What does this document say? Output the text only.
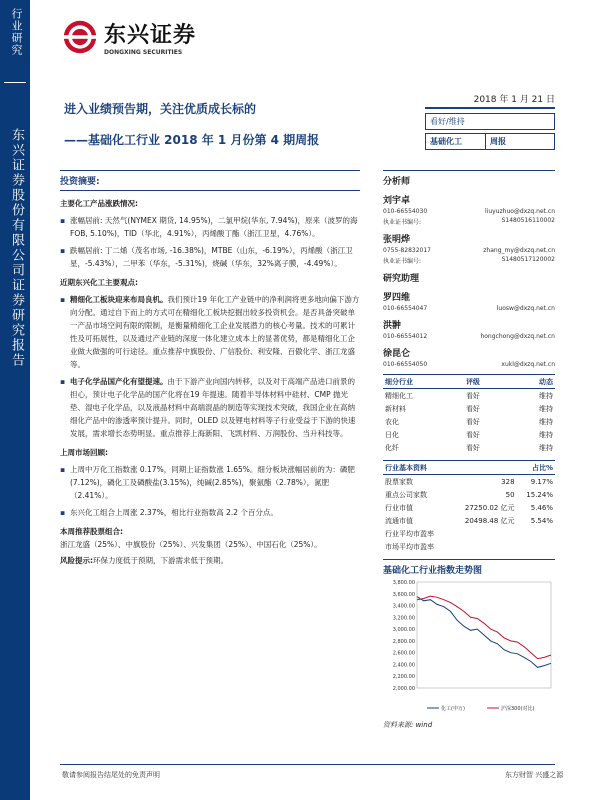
行业研究
东兴证券股份有限公司证券研究报告
东兴证券
DONGXING SECURITIES
进入业绩预告期，关注优质成长标的
——基础化工行业 2018 年 1 月份第 4 期周报
2018 年 1 月 21 日
看好/维持
基础化工	周报
投资摘要:

主要化工产品涨跌情况:

▪ 涨幅居前: 天然气(NYMEX 期货, 14.95%)，二氯甲烷(华东, 7.94%)，原来（波罗的海FOB, 5.10%)，TID（华北，4.91%），丙烯酸丁酯（浙江卫星，4.76%）。

▪ 跌幅居前: 丁二烯（茂名市场, -16.38%)，MTBE（山东，-6.19%），丙烯酸（浙江卫星，-5.43%），二甲苯（华东，-5.31%)，烧碱（华东，32%离子膜，-4.49%）。

近期东兴化工主要观点:

▪ 精细化工板块迎来布局良机。我们预计19 年化工产业链中的净利润将更多地向偏下游方向分配。通过自下而上的方式可在精细化工板块挖掘出较多投资机会。是否具备突破单一产品市场空间有限的限制，是衡量精细化工企业发展潜力的核心考量。技术的可累计性及可拓展性，以及通过产业链的深度一体化建立成本上的显著优势，都是精细化工企业做大做强的可行途径。重点推荐中旗股份、广信股份、利安隆、百傲化学、浙江龙盛等。

▪ 电子化学品国产化有望提速。由于下游产业向国内转移，以及对于高端产品进口前景的担心，预计电子化学品的国产化将在19 年提速。随着半导体材料中硅材、CMP 抛光垫、湿电子化学品，以及液晶材料中高端混晶的制造等实现技术突破，我国企业在高纳细化产品中的渗透率预计提升。同时，OLED 以及锂电材料等子行业受益于下游的快速发展，需求增长态势明显。重点推荐上海新阳、飞凯材料、万润股份、当升科技等。

上周市场回顾:

▪ 上周中万化工指数涨 0.17%，同期上证指数涨 1.65%。细分板块涨幅居前的为：磷肥(7.12%)，磷化工及磷酸盐(3.15%)，纯碱(2.85%)，聚氨酯（2.78%），氮肥（2.41%）。

▪ 东兴化工组合上周涨 2.37%，相比行业指数高 2.2 个百分点。

本周推荐股票组合:

浙江龙盛（25%）、中旗股份（25%）、兴发集团（25%）、中国石化（25%）。

风险提示:环保力度低于预期，下游需求低于预期。

分析师
刘宇卓
010-66554030	liuyuzhuo@dxzq.net.cn
执业证书编号:	S1480516110002
张明烨
0755-82832017	zhang_my@dxzq.net.cn
执业证书编号:	S1480517120002
研究助理
罗四维
010-66554047	luosw@dxzq.net.cn
洪翀
010-66554012	hongchong@dxzq.net.cn
徐昆仑
010-66554050	xukl@dxzq.net.cn
细分行业	评级	动态
精细化工	看好	维持
新材料	看好	维持
农化	看好	维持
日化	看好	维持
化纤	看好	维持
行业基本资料		占比%
股票家数	328	9.17%
重点公司家数	50	15.24%
行业市值	27250.02 亿元	5.46%
流通市值	20498.48 亿元	5.54%
行业平均市盈率		
市场平均市盈率		
基础化工行业指数走势图
3,800.00
3,600.00
3,400.00
3,200.00
3,000.00
2,800.00
2,600.00
2,400.00
2,200.00
2,000.00
化工(申万)	沪深300(对比)
资料来源: wind
敬请参阅报告结尾处的免责声明	东方财智 兴盛之源
